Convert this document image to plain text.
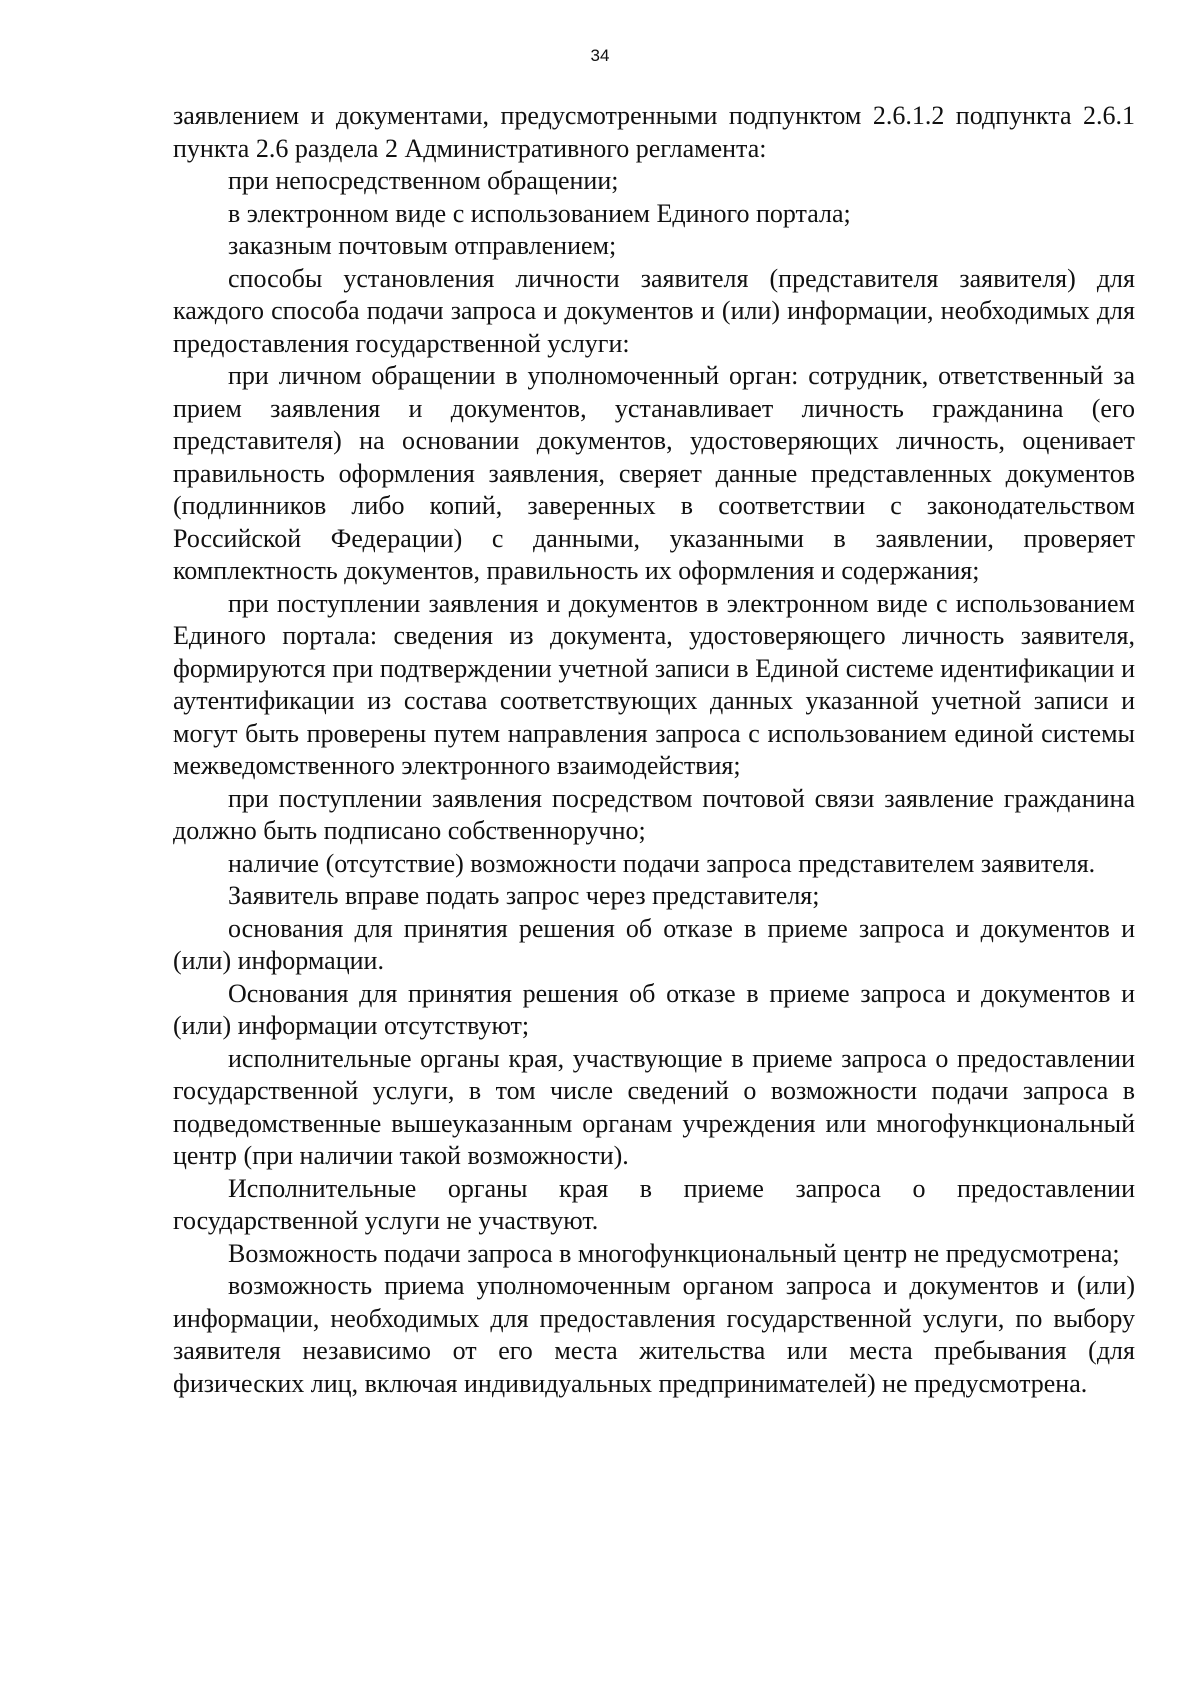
34

заявлением и документами, предусмотренными подпунктом 2.6.1.2 подпункта 2.6.1 пункта 2.6 раздела 2 Административного регламента:

при непосредственном обращении;

в электронном виде с использованием Единого портала;

заказным почтовым отправлением;

способы установления личности заявителя (представителя заявителя) для каждого способа подачи запроса и документов и (или) информации, необходимых для предоставления государственной услуги:

при личном обращении в уполномоченный орган: сотрудник, ответственный за прием заявления и документов, устанавливает личность гражданина (его представителя) на основании документов, удостоверяющих личность, оценивает правильность оформления заявления, сверяет данные представленных документов (подлинников либо копий, заверенных в соответствии с законодательством Российской Федерации) с данными, указанными в заявлении, проверяет комплектность документов, правильность их оформления и содержания;

при поступлении заявления и документов в электронном виде с использованием Единого портала: сведения из документа, удостоверяющего личность заявителя, формируются при подтверждении учетной записи в Единой системе идентификации и аутентификации из состава соответствующих данных указанной учетной записи и могут быть проверены путем направления запроса с использованием единой системы межведомственного электронного взаимодействия;

при поступлении заявления посредством почтовой связи заявление гражданина должно быть подписано собственноручно;

наличие (отсутствие) возможности подачи запроса представителем заявителя.

Заявитель вправе подать запрос через представителя;

основания для принятия решения об отказе в приеме запроса и документов и (или) информации.

Основания для принятия решения об отказе в приеме запроса и документов и (или) информации отсутствуют;

исполнительные органы края, участвующие в приеме запроса о предоставлении государственной услуги, в том числе сведений о возможности подачи запроса в подведомственные вышеуказанным органам учреждения или многофункциональный центр (при наличии такой возможности).

Исполнительные органы края в приеме запроса о предоставлении государственной услуги не участвуют.

Возможность подачи запроса в многофункциональный центр не предусмотрена;

возможность приема уполномоченным органом запроса и документов и (или) информации, необходимых для предоставления государственной услуги, по выбору заявителя независимо от его места жительства или места пребывания (для физических лиц, включая индивидуальных предпринимателей) не предусмотрена.
